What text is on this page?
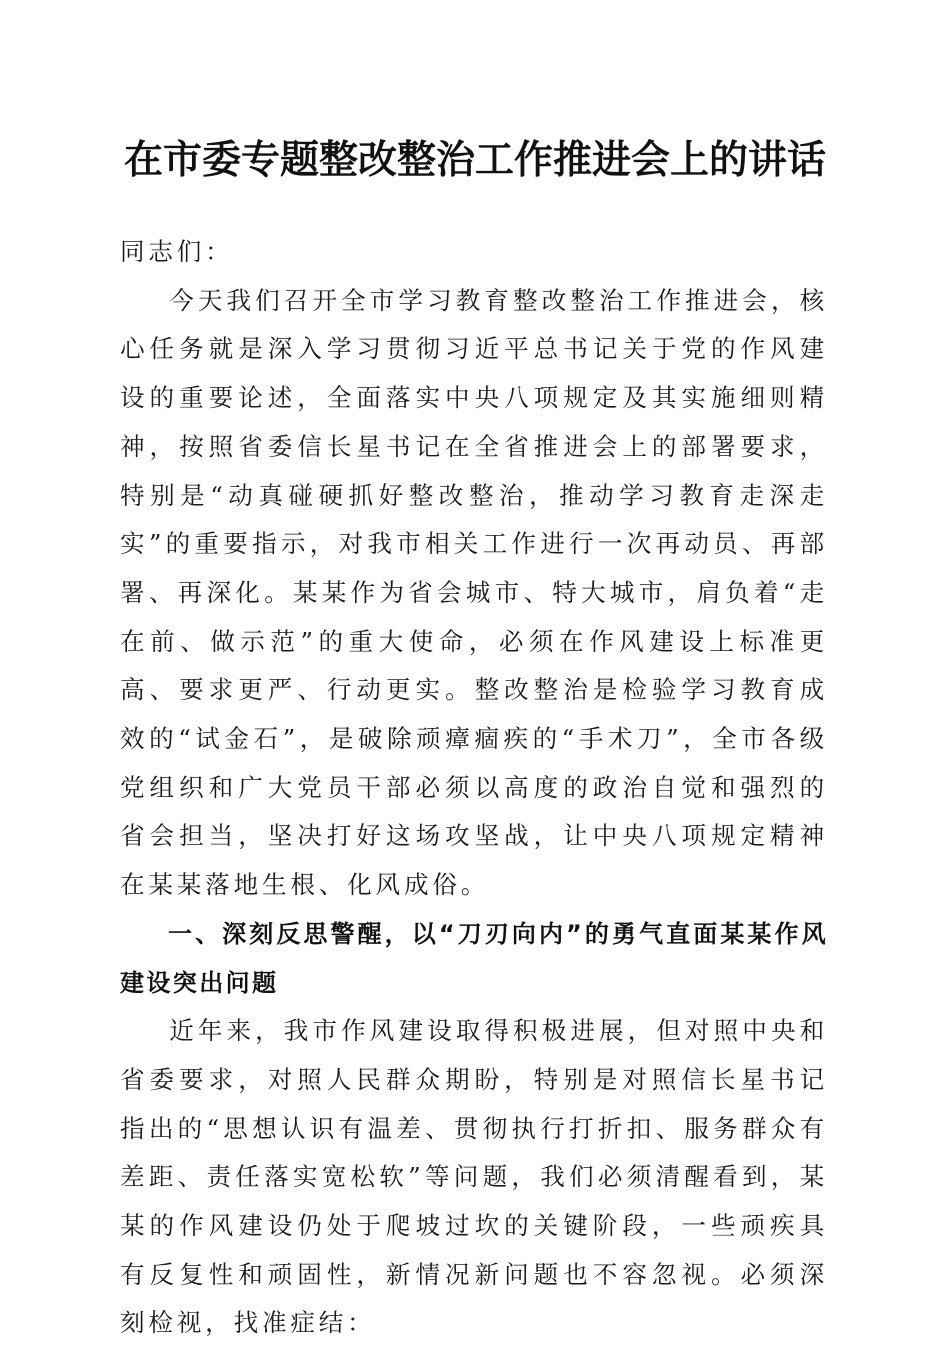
在市委专题整改整治工作推进会上的讲话

同志们：

今天我们召开全市学习教育整改整治工作推进会，核心任务就是深入学习贯彻习近平总书记关于党的作风建设的重要论述，全面落实中央八项规定及其实施细则精神，按照省委信长星书记在全省推进会上的部署要求，特别是“动真碰硬抓好整改整治，推动学习教育走深走实”的重要指示，对我市相关工作进行一次再动员、再部署、再深化。某某作为省会城市、特大城市，肩负着“走在前、做示范”的重大使命，必须在作风建设上标准更高、要求更严、行动更实。整改整治是检验学习教育成效的“试金石”，是破除顽瘴痼疾的“手术刀”，全市各级党组织和广大党员干部必须以高度的政治自觉和强烈的省会担当，坚决打好这场攻坚战，让中央八项规定精神在某某落地生根、化风成俗。

一、深刻反思警醒，以“刀刃向内”的勇气直面某某作风建设突出问题

近年来，我市作风建设取得积极进展，但对照中央和省委要求，对照人民群众期盼，特别是对照信长星书记指出的“思想认识有温差、贯彻执行打折扣、服务群众有差距、责任落实宽松软”等问题，我们必须清醒看到，某某的作风建设仍处于爬坡过坎的关键阶段，一些顽疾具有反复性和顽固性，新情况新问题也不容忽视。必须深刻检视，找准症结：
